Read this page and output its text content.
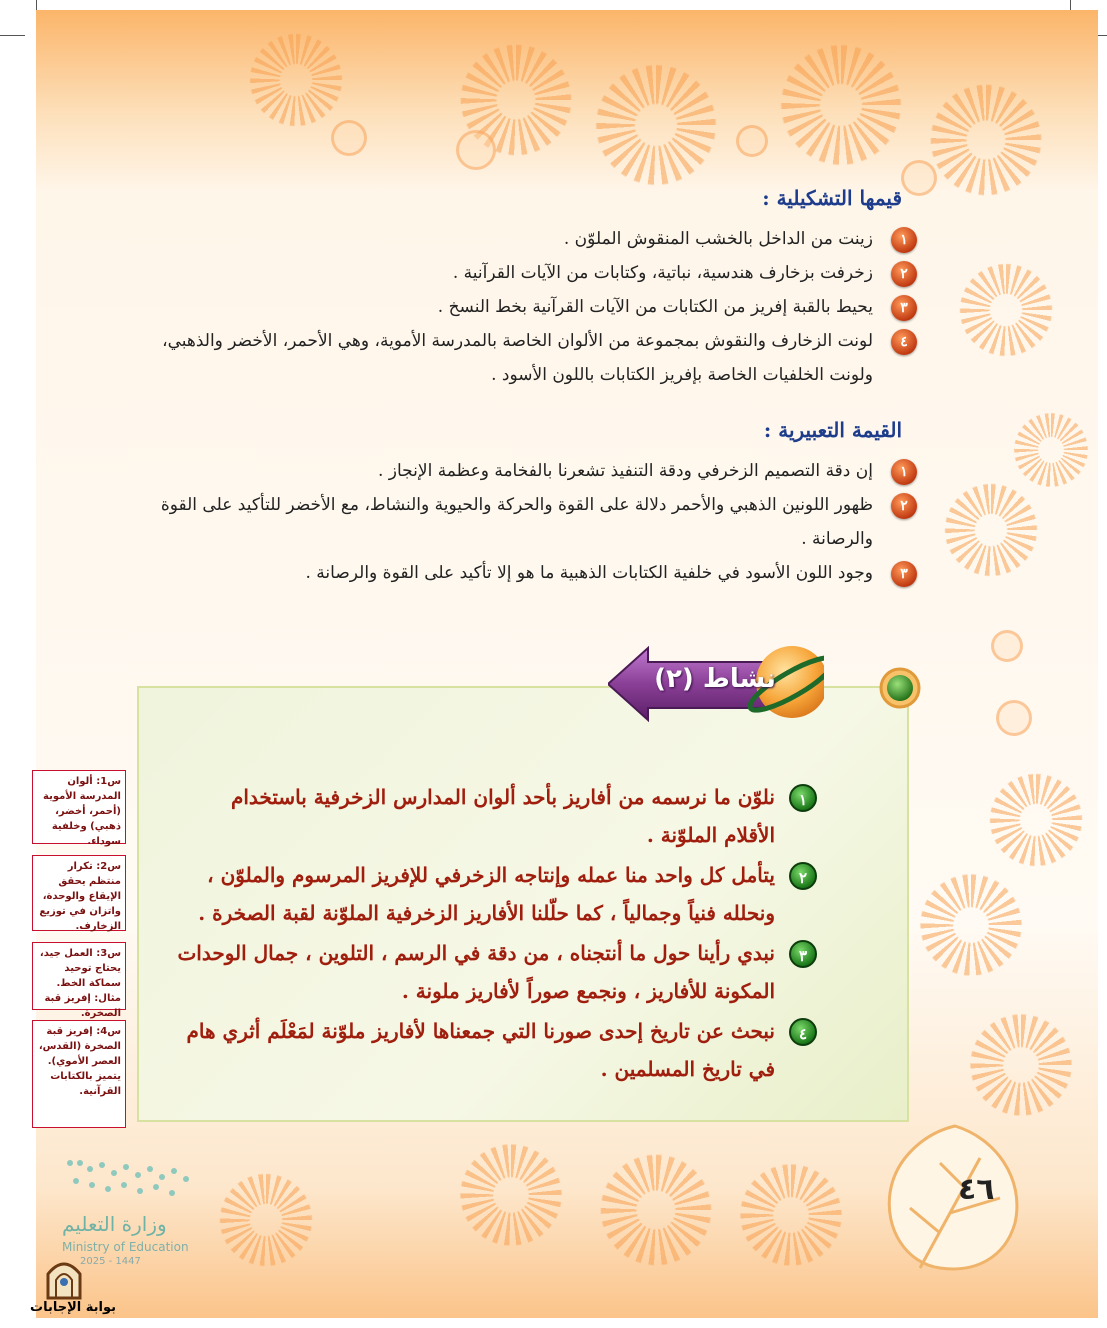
قيمها التشكيلية :
١
زينت من الداخل بالخشب المنقوش الملوّن .
٢
زخرفت بزخارف هندسية، نباتية، وكتابات من الآيات القرآنية .
٣
يحيط بالقبة إفريز من الكتابات من الآيات القرآنية بخط النسخ .
٤
لونت الزخارف والنقوش بمجموعة من الألوان الخاصة بالمدرسة الأموية، وهي الأحمر، الأخضر والذهبي، ولونت الخلفيات الخاصة بإفريز الكتابات باللون الأسود .
القيمة التعبيرية :
١
إن دقة التصميم الزخرفي ودقة التنفيذ تشعرنا بالفخامة وعظمة الإنجاز .
٢
ظهور اللونين الذهبي والأحمر دلالة على القوة والحركة والحيوية والنشاط، مع الأخضر للتأكيد على القوة والرصانة .
٣
وجود اللون الأسود في خلفية الكتابات الذهبية ما هو إلا تأكيد على القوة والرصانة .
نشاط (٢)
١
نلوّن ما نرسمه من أفاريز بأحد ألوان المدارس الزخرفية باستخدام الأقلام الملوّنة .
٢
يتأمل كل واحد منا عمله وإنتاجه الزخرفي للإفريز المرسوم والملوّن ، ونحلله فنياً وجمالياً ، كما حلّلنا الأفاريز الزخرفية الملوّنة لقبة الصخرة .
٣
نبدي رأينا حول ما أنتجناه ، من دقة في الرسم ، التلوين ، جمال الوحدات المكونة للأفاريز ، ونجمع صوراً لأفاريز ملونة .
٤
نبحث عن تاريخ إحدى صورنا التي جمعناها لأفاريز ملوّنة لمَعْلَم أثري هام في تاريخ المسلمين .
س1: ألوان المدرسة الأموية (أحمر، أخضر، ذهبي) وخلفية سوداء.
س2: تكرار منتظم يحقق الإيقاع والوحدة، واتزان في توزيع الزخارف.
س3: العمل جيد، يحتاج توحيد سماكة الخط. مثال: إفريز قبة الصخرة.
س4: إفريز قبة الصخرة (القدس، العصر الأموي). يتميز بالكتابات القرآنية.
٤٦
وزارة التعليم
Ministry of Education
2025 - 1447
بوابة الإجابات
